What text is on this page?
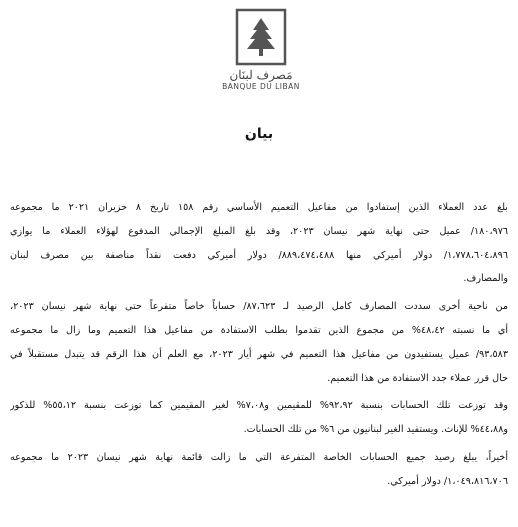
مَصرف لبنَان
BANQUE DU LIBAN
بيان
بلغ عدد العملاء الذين إستفادوا من مفاعيل التعميم الأساسي رقم ١٥٨ تاريخ ٨ حزيران ٢٠٢١ ما مجموعه
١٨٠،٩٧٦/ عميل حتى نهاية شهر نيسان ٢٠٢٣، وقد بلغ المبلغ الإجمالي المدفوع لهؤلاء العملاء ما يوازي
١،٧٧٨،٦٠٤،٨٩٦/ دولار أميركي منها ٨٨٩،٤٧٤،٤٨٨/ دولار أميركي دفعت نقداً مناصفة بين مصرف لبنان
والمصارف.
من ناحية أخرى سددت المصارف كامل الرصيد لـ ٨٧،٦٢٣/ حساباً خاصاً متفرعاً حتى نهاية شهر نيسان ٢٠٢٣،
أي ما نسبته ٤٨،٤٢% من مجموع الذين تقدموا بطلب الاستفادة من مفاعيل هذا التعميم وما زال ما مجموعه
٩٣،٥٨٣/ عميل يستفيدون من مفاعيل هذا التعميم في شهر أيار ٢٠٢٣، مع العلم أن هذا الرقم قد يتبدل مستقبلاً في
حال قرر عملاء جدد الاستفادة من هذا التعميم.
وقد توزعت تلك الحسابات بنسبة ٩٢،٩٢% للمقيمين و٧،٠٨% لغير المقيمين كما توزعت بنسبة ٥٥،١٢% للذكور
و٤٤،٨٨% للإناث. ويستفيد الغير لبنانيون من ٦% من تلك الحسابات.
أخيراً، يبلغ رصيد جميع الحسابات الخاصة المتفرعة التي ما زالت قائمة نهاية شهر نيسان ٢٠٢٣ ما مجموعه
١،٠٤٩،٨١٦،٧٠٦/ دولار أميركي.
